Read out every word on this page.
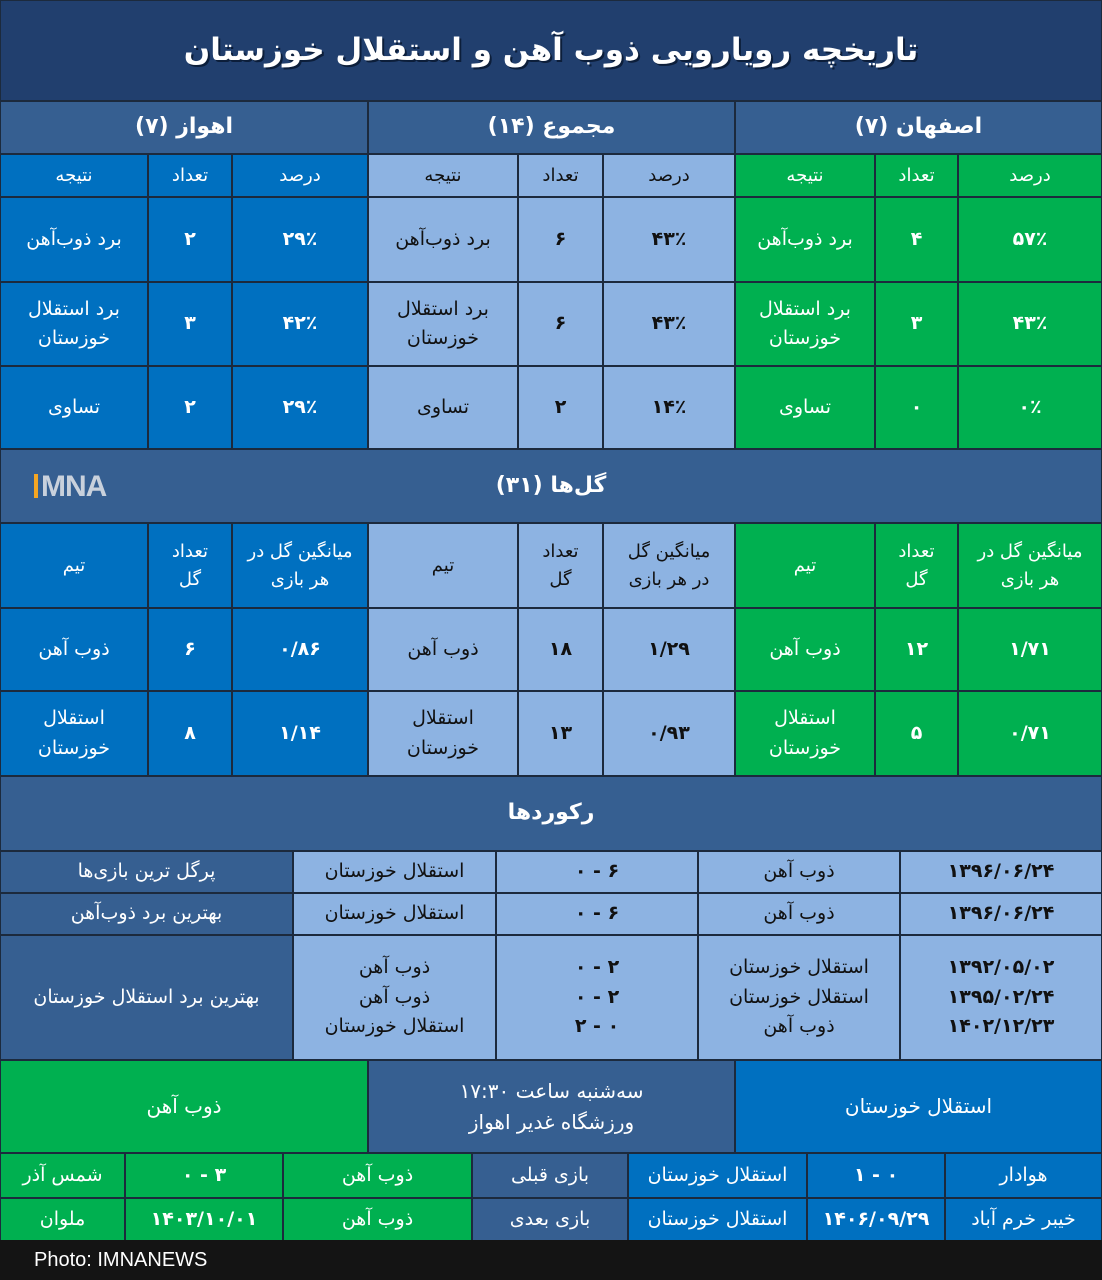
تاریخچه رویارویی ذوب آهن و استقلال خوزستان
اصفهان (۷)
مجموع (۱۴)
اهواز (۷)
درصد
تعداد
نتیجه
درصد
تعداد
نتیجه
درصد
تعداد
نتیجه
۵۷٪
۴
برد ذوب‌آهن
۴۳٪
۳
برد استقلال خوزستان
۰٪
۰
تساوی
۴۳٪
۶
برد ذوب‌آهن
۴۳٪
۶
برد استقلال خوزستان
۱۴٪
۲
تساوی
۲۹٪
۲
برد ذوب‌آهن
۴۲٪
۳
برد استقلال خوزستان
۲۹٪
۲
تساوی
گل‌ها (۳۱)
MNA
میانگین گل در هر بازی
تعداد گل
تیم
میانگین گل در هر بازی
تعداد گل
تیم
میانگین گل در هر بازی
تعداد گل
تیم
۱/۷۱
۱۲
ذوب آهن
۰/۷۱
۵
استقلال خوزستان
۱/۲۹
۱۸
ذوب آهن
۰/۹۳
۱۳
استقلال خوزستان
۰/۸۶
۶
ذوب آهن
۱/۱۴
۸
استقلال خوزستان
رکوردها
۱۳۹۶/۰۶/۲۴
ذوب آهن
۶ - ۰
استقلال خوزستان
پرگل ترین بازی‌ها
۱۳۹۶/۰۶/۲۴
ذوب آهن
۶ - ۰
استقلال خوزستان
بهترین برد ذوب‌آهن
۱۳۹۲/۰۵/۰۲
۱۳۹۵/۰۲/۲۴
۱۴۰۲/۱۲/۲۳
استقلال خوزستان
استقلال خوزستان
ذوب آهن
۲ - ۰
۲ - ۰
۰ - ۲
ذوب آهن
ذوب آهن
استقلال خوزستان
بهترین برد استقلال خوزستان
استقلال خوزستان
سه‌شنبه ساعت ۱۷:۳۰
ورزشگاه غدیر اهواز
ذوب آهن
هوادار
۰ - ۱
استقلال خوزستان
بازی قبلی
ذوب آهن
۳ - ۰
شمس آذر
خیبر خرم آباد
۱۴۰۶/۰۹/۲۹
استقلال خوزستان
بازی بعدی
ذوب آهن
۱۴۰۳/۱۰/۰۱
ملوان
Photo: IMNANEWS
